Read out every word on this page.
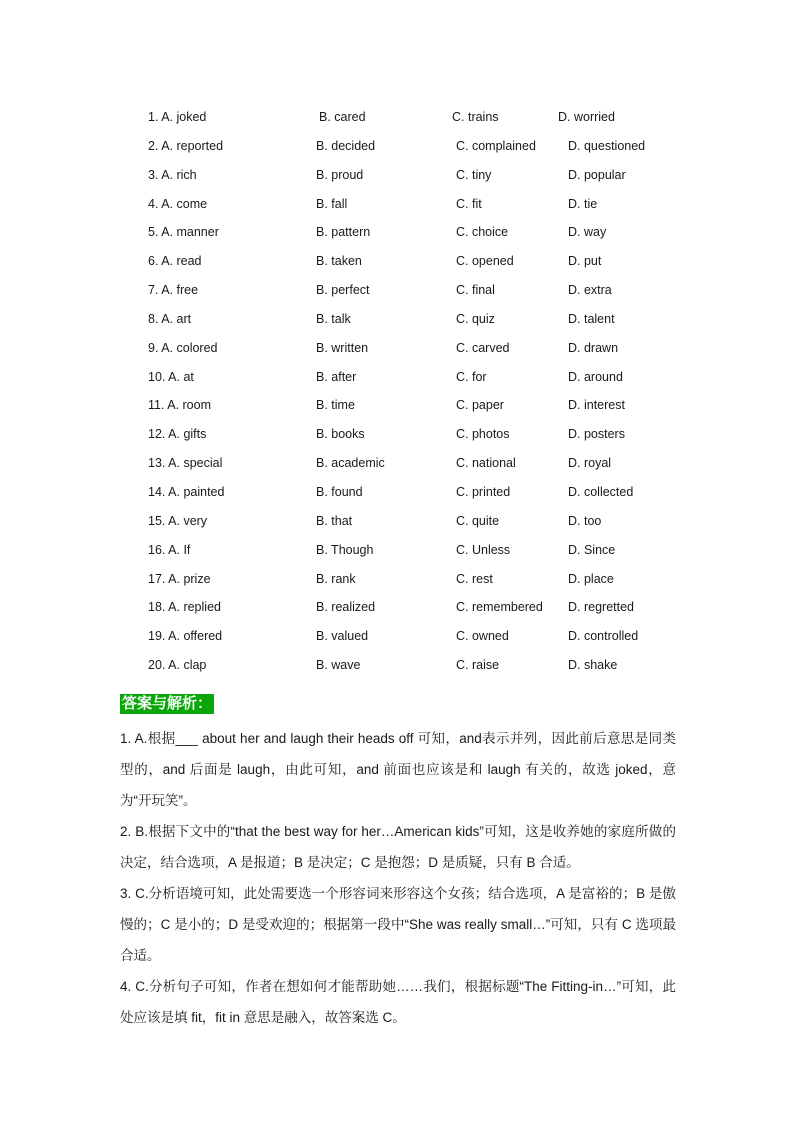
1. A. joked	B. cared	C. trains	D. worried
2. A. reported	B. decided	C. complained	D. questioned
3. A. rich	B. proud	C. tiny	D. popular
4. A. come	B. fall	C. fit	D. tie
5. A. manner	B. pattern	C. choice	D. way
6. A. read	B. taken	C. opened	D. put
7. A. free	B. perfect	C. final	D. extra
8. A. art	B. talk	C. quiz	D. talent
9. A. colored	B. written	C. carved	D. drawn
10. A. at	B. after	C. for	D. around
11. A. room	B. time	C. paper	D. interest
12. A. gifts	B. books	C. photos	D. posters
13. A. special	B. academic	C. national	D. royal
14. A. painted	B. found	C. printed	D. collected
15. A. very	B. that	C. quite	D. too
16. A. If	B. Though	C. Unless	D. Since
17. A. prize	B. rank	C. rest	D. place
18. A. replied	B. realized	C. remembered D. regretted
19. A. offered	B. valued	C. owned	D. controlled
20. A. clap	B. wave	C. raise	D. shake
答案与解析：

1. A.根据___ about her and laugh their heads off 可知，and表示并列，因此前后意思是同类型的，and 后面是 laugh，由此可知，and 前面也应该是和 laugh 有关的，故选 joked，意为“开玩笑”。

2. B.根据下文中的“that the best way for her…American kids”可知，这是收养她的家庭所做的决定，结合选项，A 是报道；B 是决定；C 是抱怨；D 是质疑，只有 B 合适。

3. C.分析语境可知，此处需要选一个形容词来形容这个女孩；结合选项，A 是富裕的；B 是傲慢的；C 是小的；D 是受欢迎的；根据第一段中“She was really small…”可知，只有 C 选项最合适。

4. C.分析句子可知，作者在想如何才能帮助她……我们，根据标题“The Fitting-in…”可知，此处应该是填 fit，fit in 意思是融入，故答案选 C。
